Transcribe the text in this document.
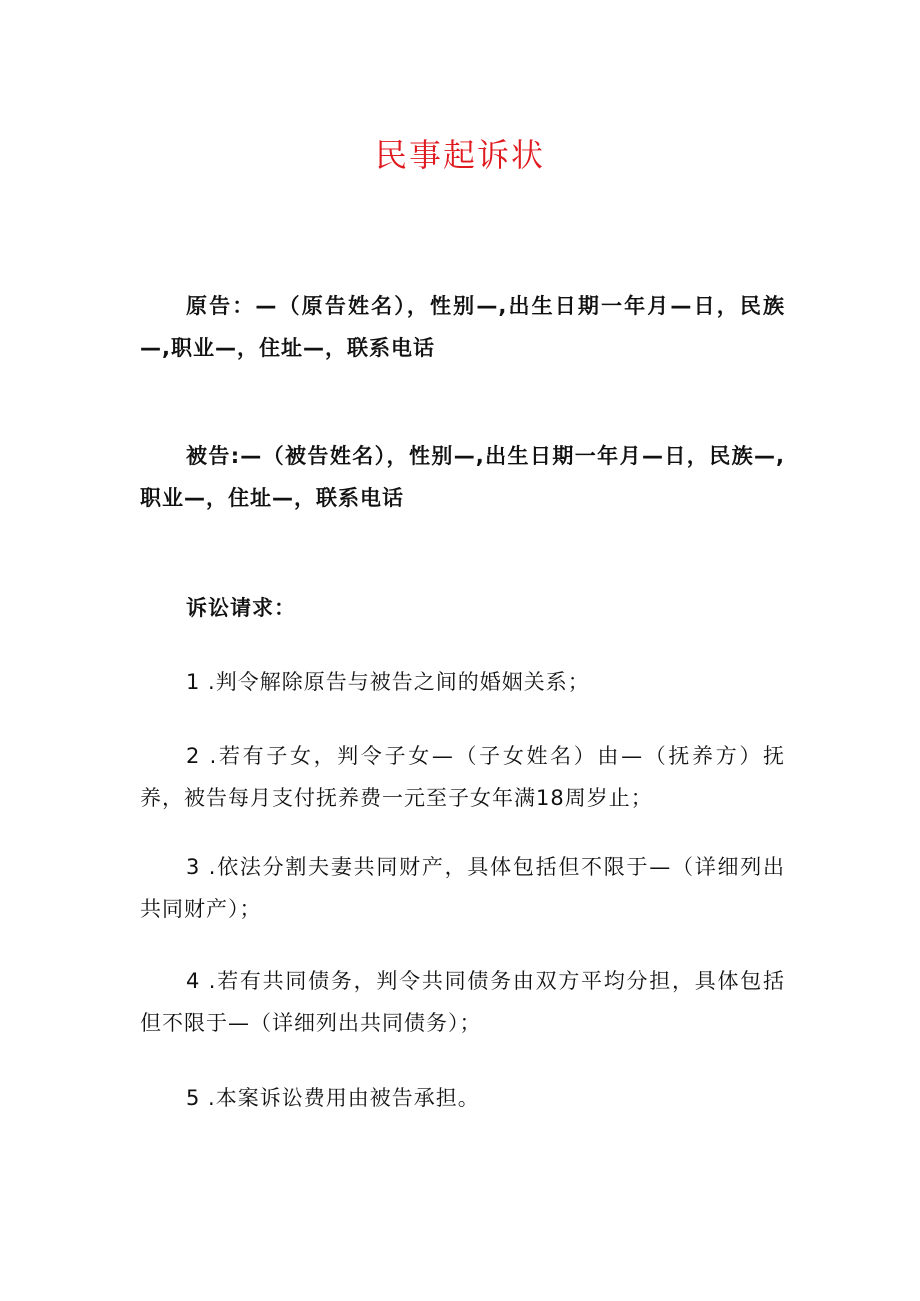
民事起诉状

原告：—（原告姓名），性别—,出生日期一年月—日，民族—,职业—，住址—，联系电话

被告:—（被告姓名），性别—,出生日期一年月—日，民族—,职业—，住址—，联系电话

诉讼请求：

1 .判令解除原告与被告之间的婚姻关系；

2 .若有子女，判令子女—（子女姓名）由—（抚养方）抚养，被告每月支付抚养费一元至子女年满18周岁止；

3 .依法分割夫妻共同财产，具体包括但不限于—（详细列出共同财产）；

4 .若有共同债务，判令共同债务由双方平均分担，具体包括但不限于—（详细列出共同债务）；

5 .本案诉讼费用由被告承担。
